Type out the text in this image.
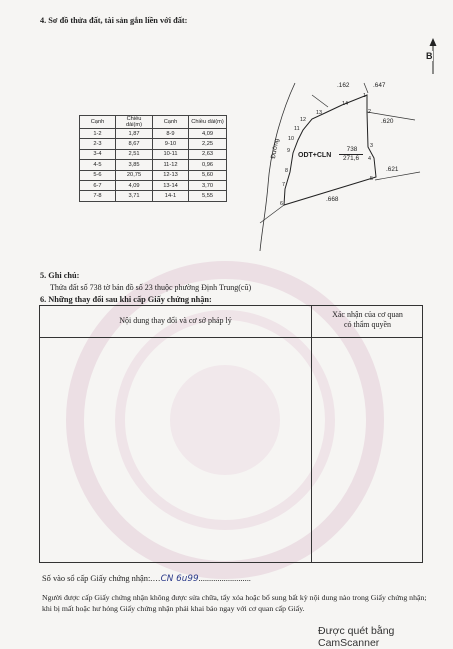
4. Sơ đồ thửa đất, tài sản gắn liền với đất:
Cạnh	Chiều dài(m)	Cạnh	Chiều dài(m)
1-2	1,87	8-9	4,09
2-3	8,67	9-10	2,25
3-4	2,51	10-11	2,63
4-5	3,85	11-12	0,96
5-6	20,75	12-13	5,60
6-7	4,09	13-14	3,70
7-8	3,71	14-1	5,55
B
Đường	ODT+CLN
738
271,6
.162	.647
.620
.621
.668
1
2
3
4
5
6
7
8
9
10
11
12
13
14
5. Ghi chú:
Thửa đất số 738 tờ bản đồ số 23 thuộc phường Định Trung(cũ)
6. Những thay đổi sau khi cấp Giấy chứng nhận:
Nội dung thay đổi và cơ sở pháp lý
Xác nhận của cơ quan
có thẩm quyền
Số vào sổ cấp Giấy chứng nhận:....CN 6u99.........................
Người được cấp Giấy chứng nhận không được sửa chữa, tẩy xóa hoặc bổ sung bất kỳ nội dung nào trong Giấy chứng nhận; khi bị mất hoặc hư hỏng Giấy chứng nhận phải khai báo ngay với cơ quan cấp Giấy.
Được quét bằng CamScanner
